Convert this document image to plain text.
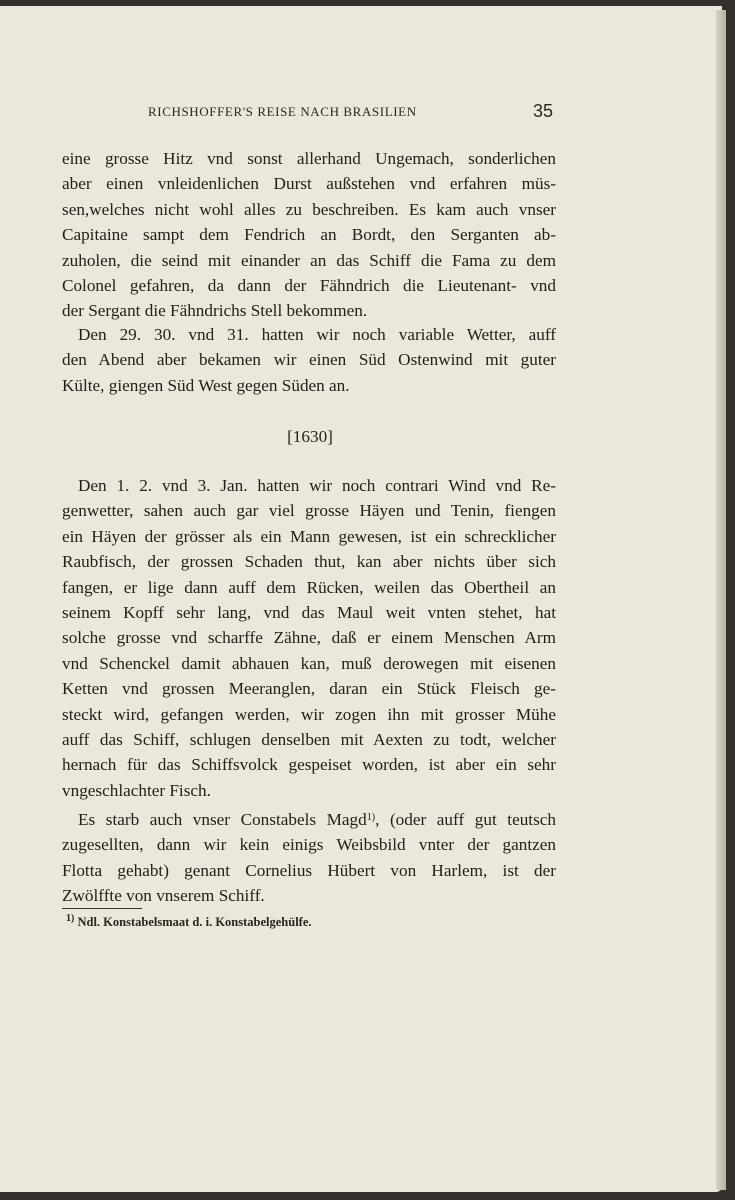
RICHSHOFFER'S REISE NACH BRASILIEN	35
eine grosse Hitz vnd sonst allerhand Ungemach, sonderlichen
aber einen vnleidenlichen Durst außstehen vnd erfahren müs-
sen,welches nicht wohl alles zu beschreiben. Es kam auch vnser
Capitaine sampt dem Fendrich an Bordt, den Serganten ab-
zuholen, die seind mit einander an das Schiff die Fama zu dem
Colonel gefahren, da dann der Fähndrich die Lieutenant- vnd
der Sergant die Fähndrichs Stell bekommen.
Den 29. 30. vnd 31. hatten wir noch variable Wetter, auff
den Abend aber bekamen wir einen Süd Ostenwind mit guter
Külte, giengen Süd West gegen Süden an.
[1630]
Den 1. 2. vnd 3. Jan. hatten wir noch contrari Wind vnd Re-
genwetter, sahen auch gar viel grosse Häyen und Tenin, fiengen
ein Häyen der grösser als ein Mann gewesen, ist ein schrecklicher
Raubfisch, der grossen Schaden thut, kan aber nichts über sich
fangen, er lige dann auff dem Rücken, weilen das Obertheil an
seinem Kopff sehr lang, vnd das Maul weit vnten stehet, hat
solche grosse vnd scharffe Zähne, daß er einem Menschen Arm
vnd Schenckel damit abhauen kan, muß derowegen mit eisenen
Ketten vnd grossen Meeranglen, daran ein Stück Fleisch ge-
steckt wird, gefangen werden, wir zogen ihn mit grosser Mühe
auff das Schiff, schlugen denselben mit Aexten zu todt, welcher
hernach für das Schiffsvolck gespeiset worden, ist aber ein sehr
vngeschlachter Fisch.
Es starb auch vnser Constabels Magd$^{1)}$, (oder auff gut teutsch
zugesellten, dann wir kein einigs Weibsbild vnter der gantzen
Flotta gehabt) genant Cornelius Hübert von Harlem, ist der
Zwölffte von vnserem Schiff.
$^{1)}$ Ndl. Konstabelsmaat d. i. Konstabelgehülfe.
